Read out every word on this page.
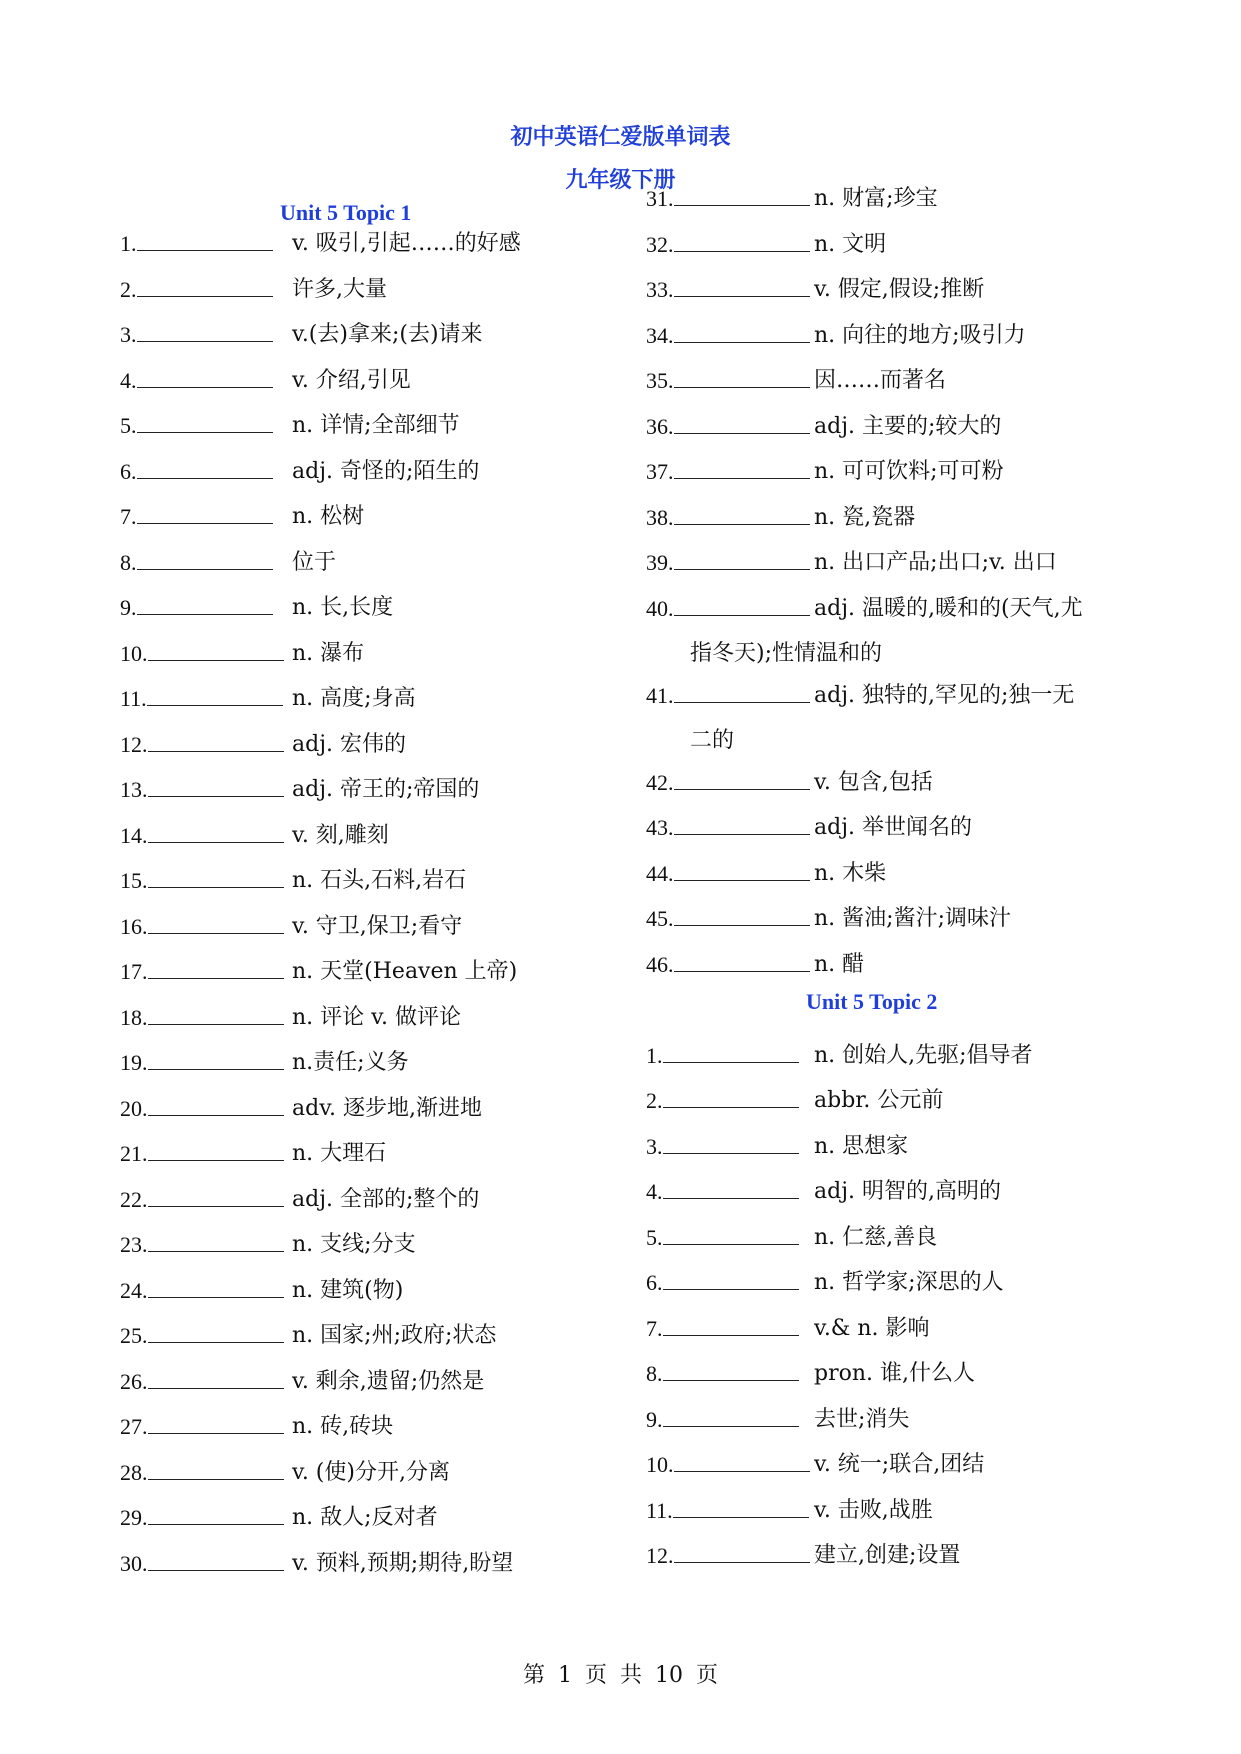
初中英语仁爱版单词表
九年级下册
Unit 5 Topic 1
1.	v. 吸引,引起……的好感
2.	许多,大量
3.	v.(去)拿来;(去)请来
4.	v. 介绍,引见
5.	n. 详情;全部细节
6.	adj. 奇怪的;陌生的
7.	n. 松树
8.	位于
9.	n. 长,长度
10.	n. 瀑布
11.	n. 高度;身高
12.	adj. 宏伟的
13.	adj. 帝王的;帝国的
14.	v. 刻,雕刻
15.	n. 石头,石料,岩石
16.	v. 守卫,保卫;看守
17.	n. 天堂(Heaven 上帝)
18.	n. 评论 v. 做评论
19.	n.责任;义务
20.	adv. 逐步地,渐进地
21.	n. 大理石
22.	adj. 全部的;整个的
23.	n. 支线;分支
24.	n. 建筑(物)
25.	n. 国家;州;政府;状态
26.	v. 剩余,遗留;仍然是
27.	n. 砖,砖块
28.	v. (使)分开,分离
29.	n. 敌人;反对者
30.	v. 预料,预期;期待,盼望
31.	n. 财富;珍宝
32.	n. 文明
33.	v. 假定,假设;推断
34.	n. 向往的地方;吸引力
35.	因……而著名
36.	adj. 主要的;较大的
37.	n. 可可饮料;可可粉
38.	n. 瓷,瓷器
39.	n. 出口产品;出口;v. 出口
40.	adj. 温暖的,暖和的(天气,尤
指冬天);性情温和的
41.	adj. 独特的,罕见的;独一无
二的
42.	v. 包含,包括
43.	adj. 举世闻名的
44.	n. 木柴
45.	n. 酱油;酱汁;调味汁
46.	n. 醋
Unit 5 Topic 2
1.	n. 创始人,先驱;倡导者
2.	abbr. 公元前
3.	n. 思想家
4.	adj. 明智的,高明的
5.	n. 仁慈,善良
6.	n. 哲学家;深思的人
7.	v.& n. 影响
8.	pron. 谁,什么人
9.	去世;消失
10.	v. 统一;联合,团结
11.	v. 击败,战胜
12.	建立,创建;设置
第 1 页 共 10 页
